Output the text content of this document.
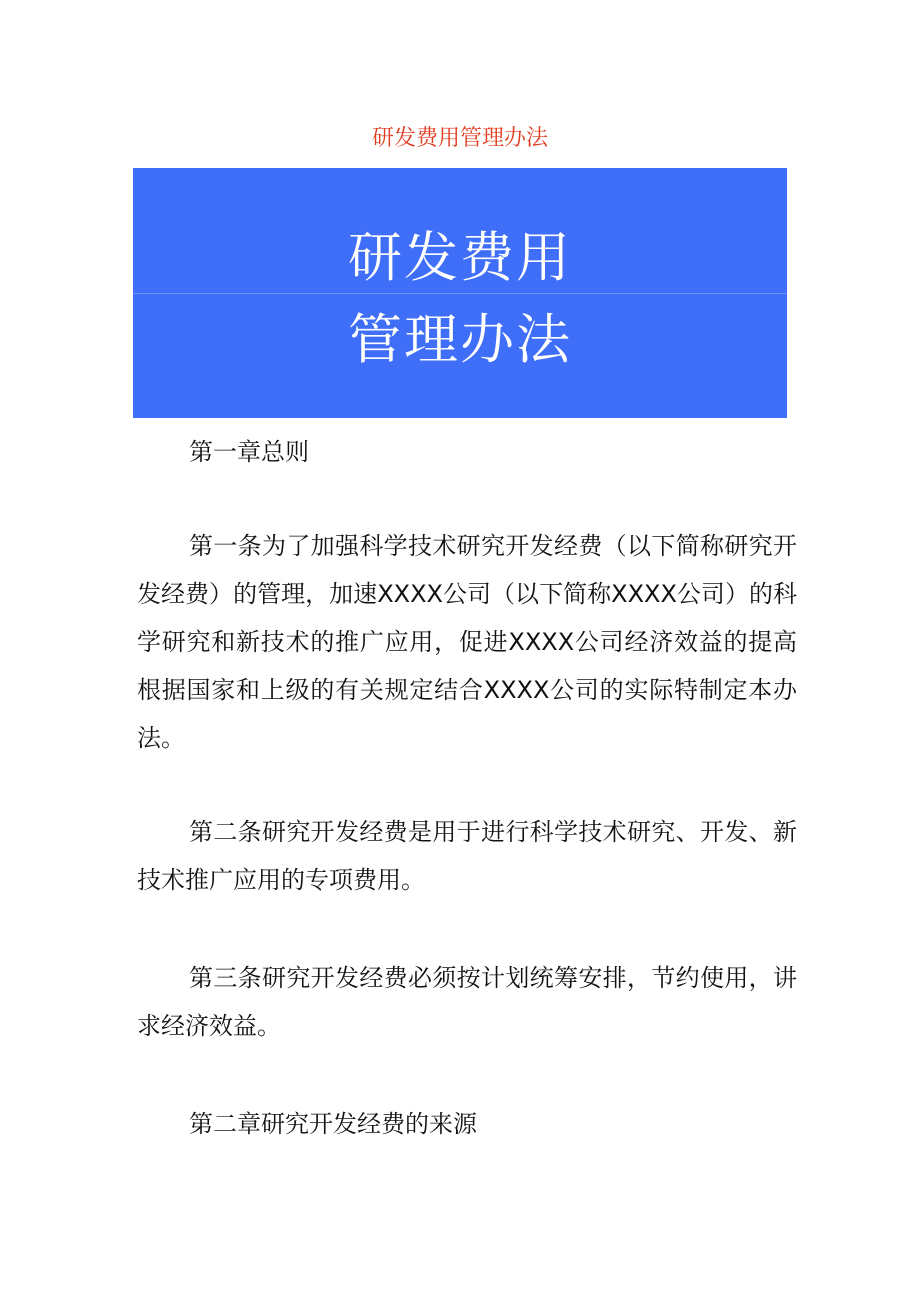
研发费用管理办法
研发费用
管理办法

第一章总则

第一条为了加强科学技术研究开发经费（以下简称研究开发经费）的管理，加速XXXX公司（以下简称XXXX公司）的科学研究和新技术的推广应用，促进XXXX公司经济效益的提高根据国家和上级的有关规定结合XXXX公司的实际特制定本办法。

第二条研究开发经费是用于进行科学技术研究、开发、新技术推广应用的专项费用。

第三条研究开发经费必须按计划统筹安排，节约使用，讲求经济效益。

第二章研究开发经费的来源
